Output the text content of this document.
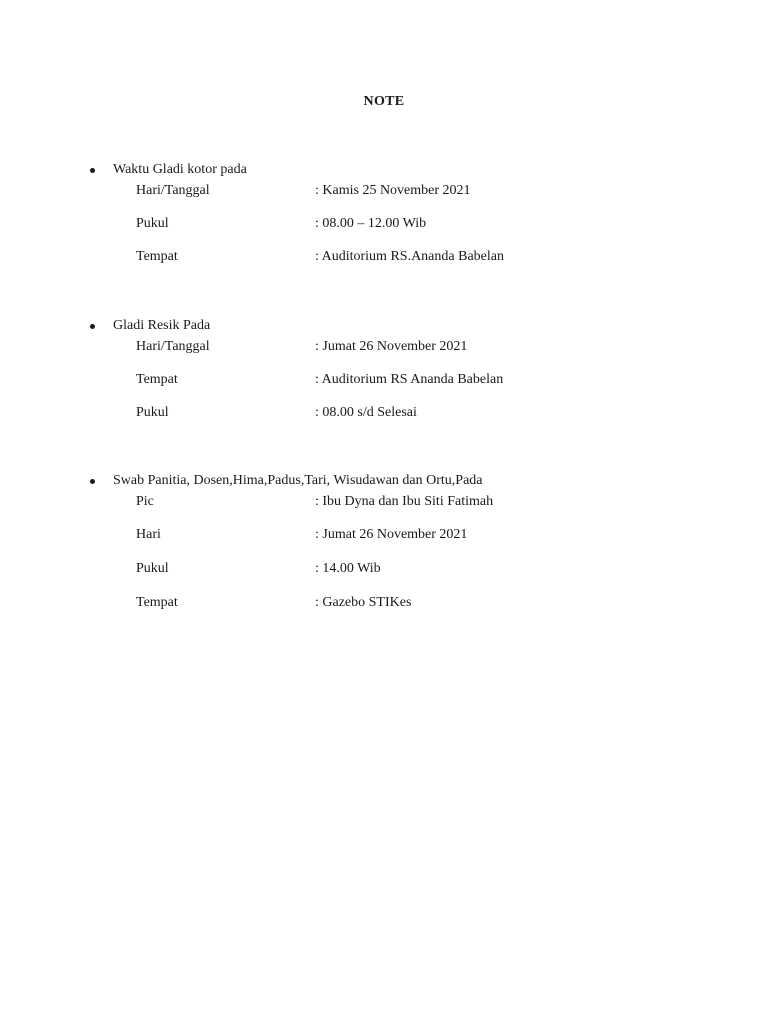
NOTE
Waktu Gladi kotor pada
Hari/Tanggal	: Kamis 25 November 2021
Pukul	: 08.00 – 12.00 Wib
Tempat	: Auditorium RS.Ananda Babelan
Gladi Resik Pada
Hari/Tanggal	: Jumat 26 November 2021
Tempat	: Auditorium RS Ananda Babelan
Pukul	: 08.00 s/d Selesai
Swab Panitia, Dosen,Hima,Padus,Tari, Wisudawan dan Ortu,Pada
Pic	: Ibu Dyna dan Ibu Siti Fatimah
Hari	: Jumat 26 November 2021
Pukul	: 14.00 Wib
Tempat	: Gazebo STIKes
